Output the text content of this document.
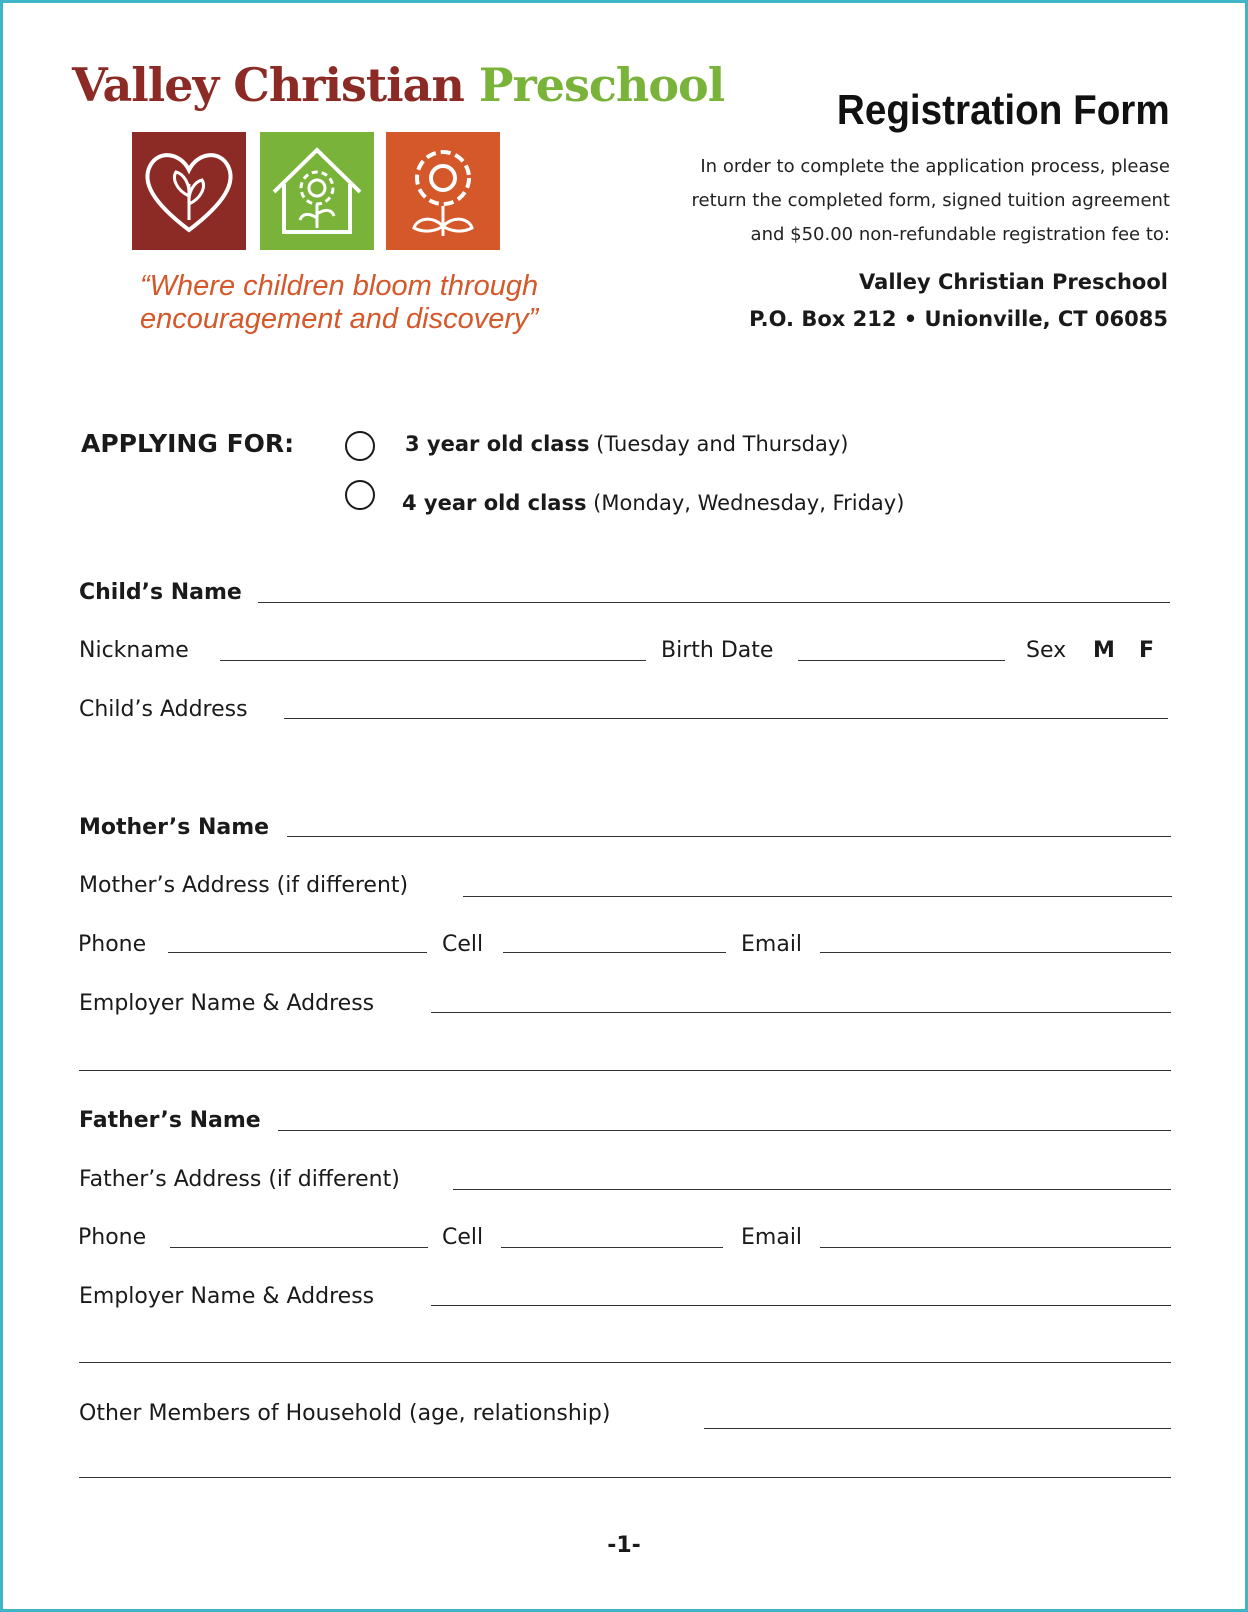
Valley Christian Preschool
“Where children bloom through
encouragement and discovery”
Registration Form
In order to complete the application process, please
return the completed form, signed tuition agreement
and $50.00 non-refundable registration fee to:
Valley Christian Preschool
P.O. Box 212 • Unionville, CT 06085
APPLYING FOR:	3 year old class (Tuesday and Thursday)
4 year old class (Monday, Wednesday, Friday)
Child’s Name
Nickname	Birth Date	Sex M F
Child’s Address
Mother’s Name
Mother’s Address (if different)
Phone	Cell	Email
Employer Name & Address
Father’s Name
Father’s Address (if different)
Phone	Cell	Email
Employer Name & Address
Other Members of Household (age, relationship)
-1-
